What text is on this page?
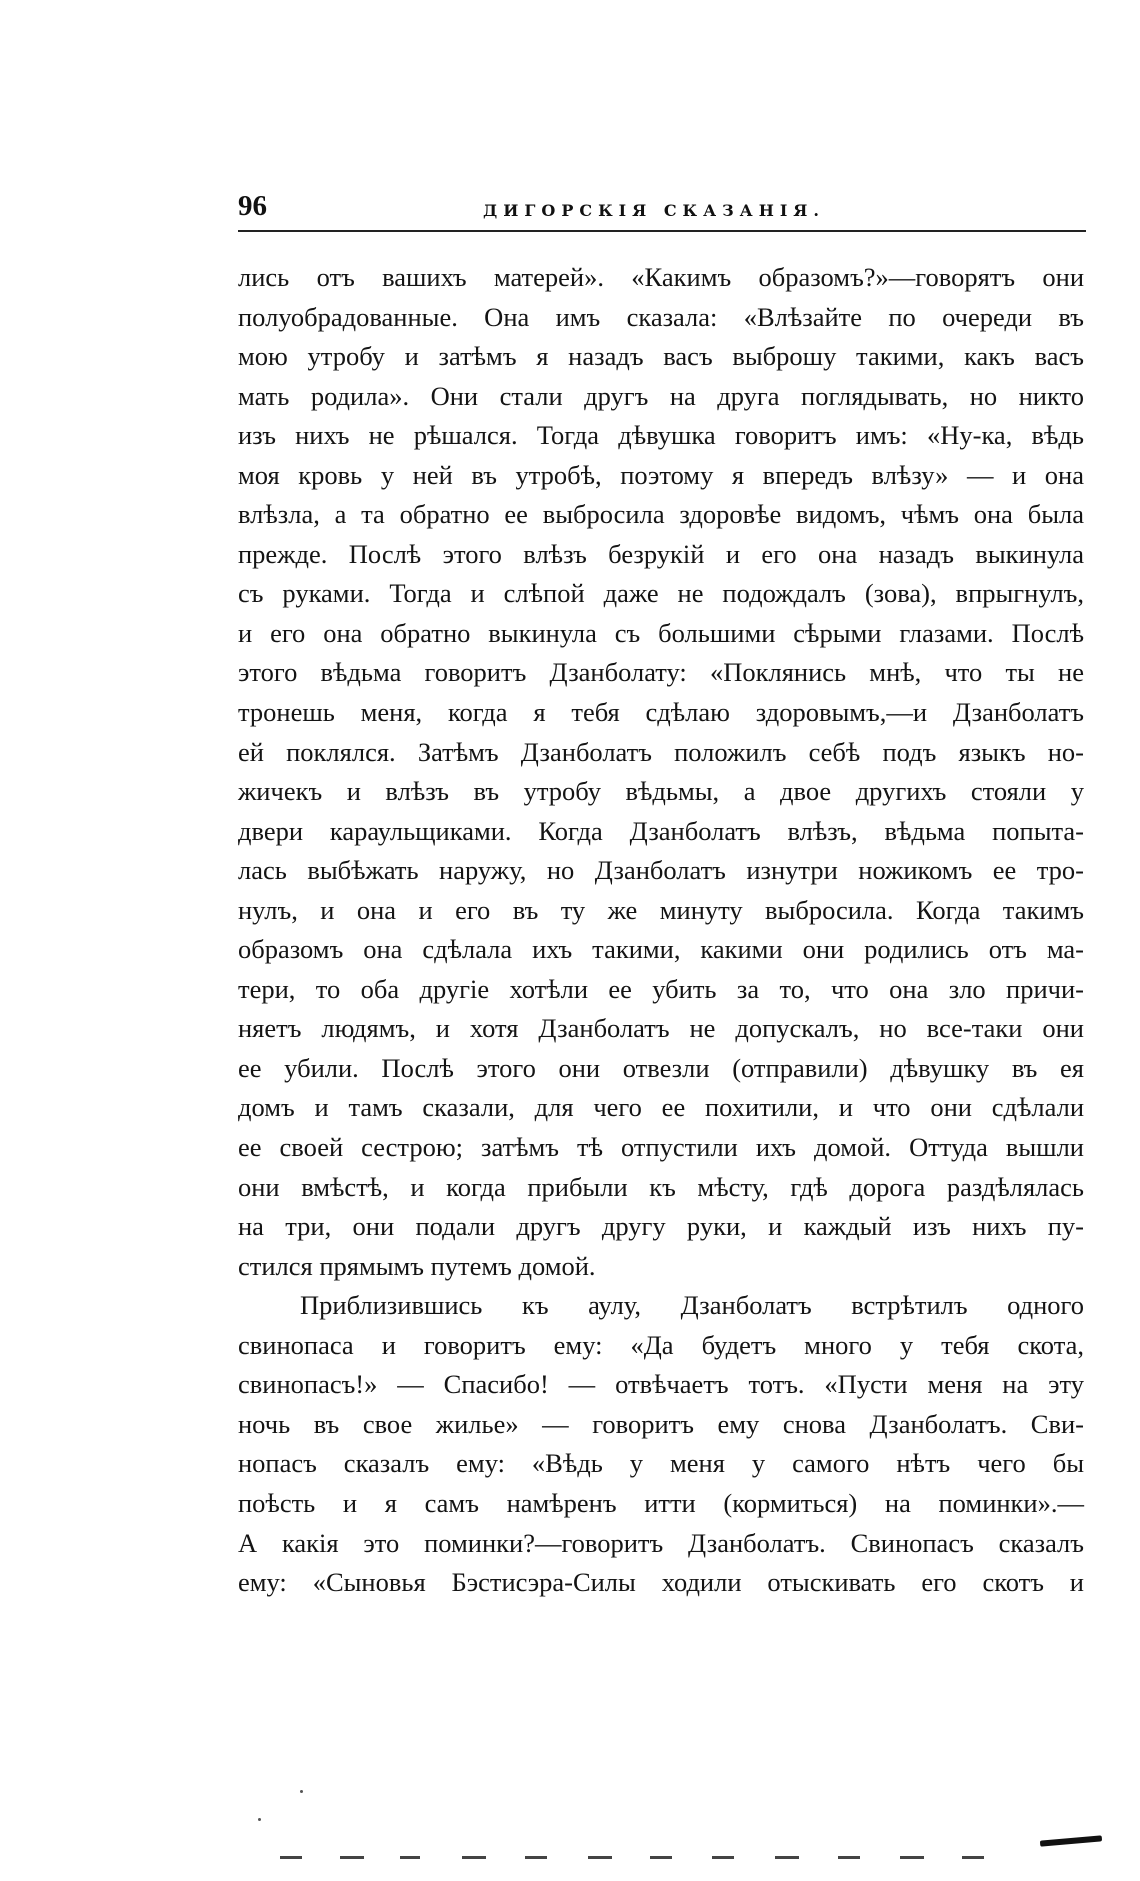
96	ДИГОРСКІЯ СКАЗАНІЯ.
лись отъ вашихъ матерей». «Какимъ образомъ?»—говорятъ они
полуобрадованные. Она имъ сказала: «Влѣзайте по очереди въ
мою утробу и затѣмъ я назадъ васъ выброшу такими, какъ васъ
мать родила». Они стали другъ на друга поглядывать, но никто
изъ нихъ не рѣшался. Тогда дѣвушка говоритъ имъ: «Ну-ка, вѣдь
моя кровь у ней въ утробѣ, поэтому я впередъ влѣзу» — и она
влѣзла, а та обратно ее выбросила здоровѣе видомъ, чѣмъ она была
прежде. Послѣ этого влѣзъ безрукій и его она назадъ выкинула
съ руками. Тогда и слѣпой даже не подождалъ (зова), впрыгнулъ,
и его она обратно выкинула съ большими сѣрыми глазами. Послѣ
этого вѣдьма говоритъ Дзанболату: «Поклянись мнѣ, что ты не
тронешь меня, когда я тебя сдѣлаю здоровымъ,—и Дзанболатъ
ей поклялся. Затѣмъ Дзанболатъ положилъ себѣ подъ языкъ но-
жичекъ и влѣзъ въ утробу вѣдьмы, а двое другихъ стояли у
двери караульщиками. Когда Дзанболатъ влѣзъ, вѣдьма попыта-
лась выбѣжать наружу, но Дзанболатъ изнутри ножикомъ ее тро-
нулъ, и она и его въ ту же минуту выбросила. Когда такимъ
образомъ она сдѣлала ихъ такими, какими они родились отъ ма-
тери, то оба другіе хотѣли ее убить за то, что она зло причи-
няетъ людямъ, и хотя Дзанболатъ не допускалъ, но все-таки они
ее убили. Послѣ этого они отвезли (отправили) дѣвушку въ ея
домъ и тамъ сказали, для чего ее похитили, и что они сдѣлали
ее своей сестрою; затѣмъ тѣ отпустили ихъ домой. Оттуда вышли
они вмѣстѣ, и когда прибыли къ мѣсту, гдѣ дорога раздѣлялась
на три, они подали другъ другу руки, и каждый изъ нихъ пу-
стился прямымъ путемъ домой.
Приблизившись къ аулу, Дзанболатъ встрѣтилъ одного
свинопаса и говоритъ ему: «Да будетъ много у тебя скота,
свинопасъ!» — Спасибо! — отвѣчаетъ тотъ. «Пусти меня на эту
ночь въ свое жилье» — говоритъ ему снова Дзанболатъ. Сви-
нопасъ сказалъ ему: «Вѣдь у меня у самого нѣтъ чего бы
поѣсть и я самъ намѣренъ итти (кормиться) на поминки».—
А какія это поминки?—говоритъ Дзанболатъ. Свинопасъ сказалъ
ему: «Сыновья Бэстисэра-Силы ходили отыскивать его скотъ и
